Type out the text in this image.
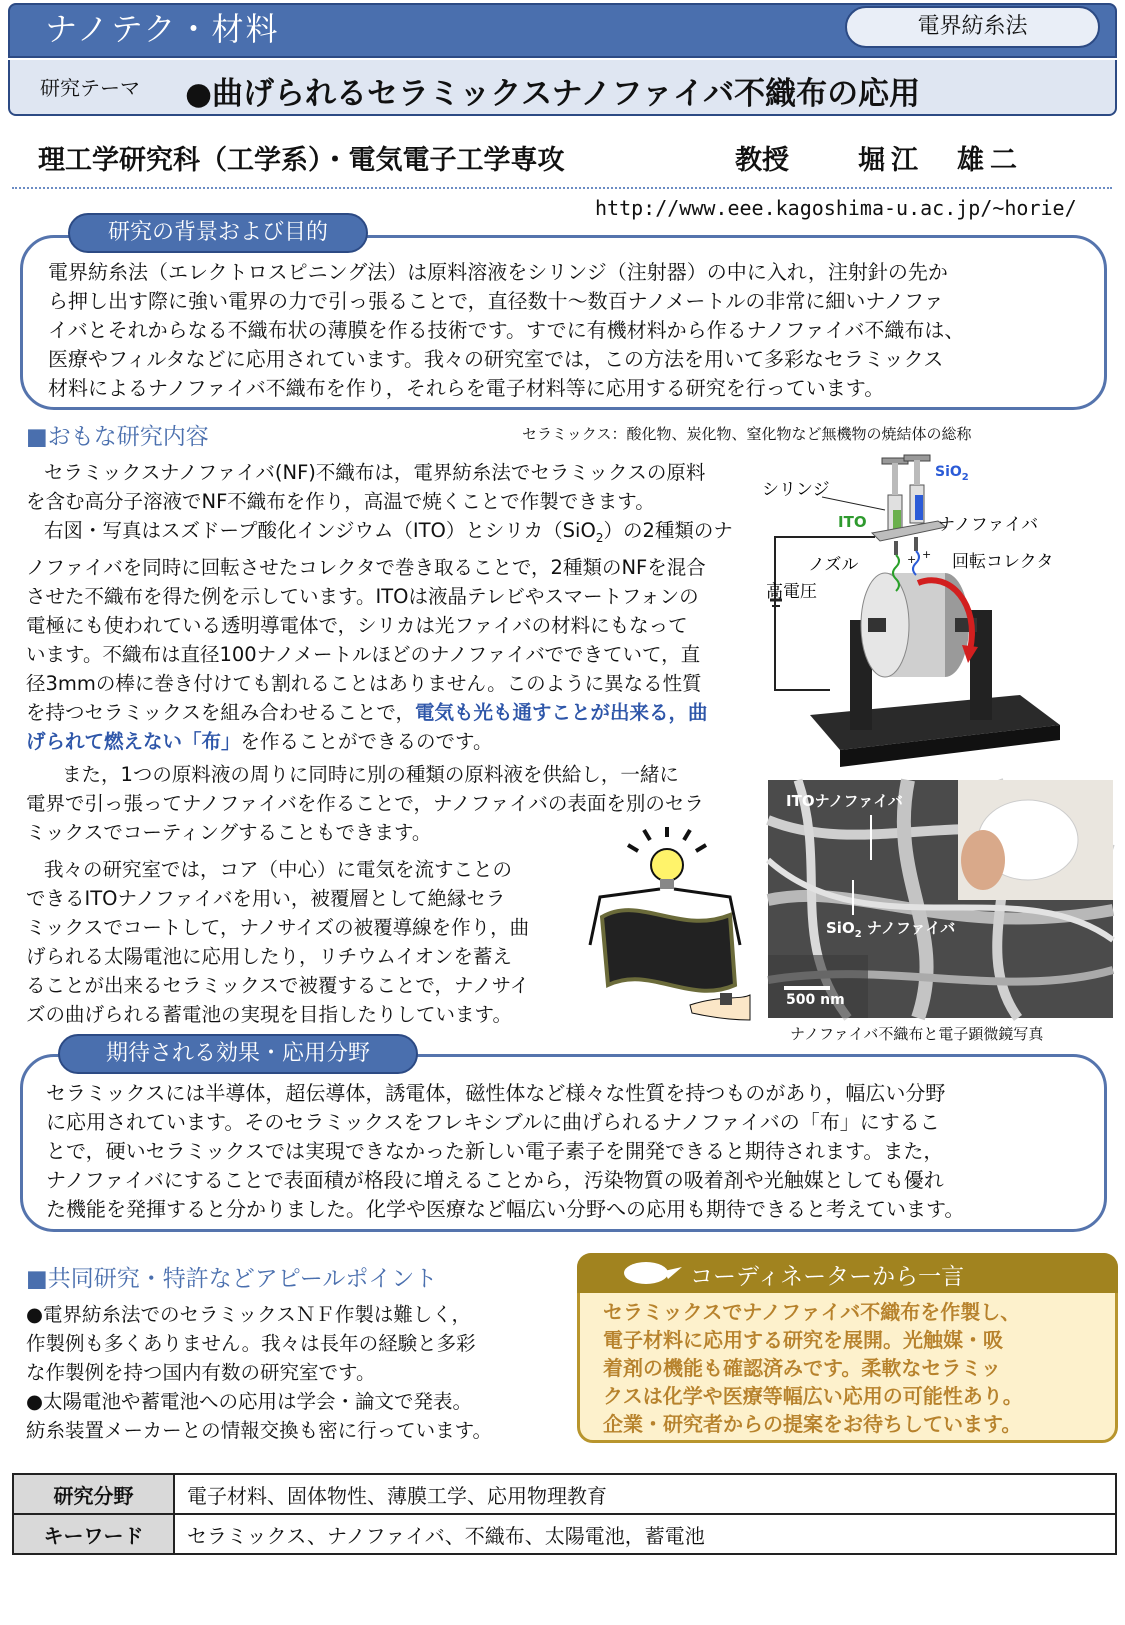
ナノテク・材料	電界紡糸法
研究テーマ ●曲げられるセラミックスナノファイバ不織布の応用
理工学研究科（工学系）・電気電子工学専攻	教授	堀江　雄二
http://www.eee.kagoshima-u.ac.jp/~horie/
研究の背景および目的
電界紡糸法（エレクトロスピニング法）は原料溶液をシリンジ（注射器）の中に入れ，注射針の先か
ら押し出す際に強い電界の力で引っ張ることで，直径数十〜数百ナノメートルの非常に細いナノファ
イバとそれからなる不織布状の薄膜を作る技術です。すでに有機材料から作るナノファイバ不織布は、
医療やフィルタなどに応用されています。我々の研究室では，この方法を用いて多彩なセラミックス
材料によるナノファイバ不織布を作り，それらを電子材料等に応用する研究を行っています。
■おもな研究内容	セラミックス：酸化物、炭化物、窒化物など無機物の焼結体の総称
セラミックスナノファイバ(NF)不織布は，電界紡糸法でセラミックスの原料
を含む高分子溶液でNF不織布を作り，高温で焼くことで作製できます。
右図・写真はスズドープ酸化インジウム（ITO）とシリカ（SiO$_2$）の2種類のナ
ノファイバを同時に回転させたコレクタで巻き取ることで，2種類のNFを混合
させた不織布を得た例を示しています。ITOは液晶テレビやスマートフォンの
電極にも使われている透明導電体で，シリカは光ファイバの材料にもなって
います。不織布は直径100ナノメートルほどのナノファイバでできていて，直
径3mmの棒に巻き付けても割れることはありません。このように異なる性質
を持つセラミックスを組み合わせることで，電気も光も通すことが出来る，曲
げられて燃えない「布」を作ることができるのです。
また，1つの原料液の周りに同時に別の種類の原料液を供給し，一緒に
電界で引っ張ってナノファイバを作ることで，ナノファイバの表面を別のセラ
ミックスでコーティングすることもできます。
我々の研究室では，コア（中心）に電気を流すことの
できるITOナノファイバを用い，被覆層として絶縁セラ
ミックスでコートして，ナノサイズの被覆導線を作り，曲
げられる太陽電池に応用したり，リチウムイオンを蓄え
ることが出来るセラミックスで被覆することで，ナノサイ
ズの曲げられる蓄電池の実現を目指したりしています。
シリンジ
ITO
SiO$_2$
ナノファイバ
ノズル	回転コレクタ
高電圧
+ +
ITOナノファイバ
SiO$_2$ ナノファイバ
500 nm
ナノファイバ不織布と電子顕微鏡写真
期待される効果・応用分野
セラミックスには半導体，超伝導体，誘電体，磁性体など様々な性質を持つものがあり，幅広い分野
に応用されています。そのセラミックスをフレキシブルに曲げられるナノファイバの「布」にするこ
とで，硬いセラミックスでは実現できなかった新しい電子素子を開発できると期待されます。また，
ナノファイバにすることで表面積が格段に増えることから，汚染物質の吸着剤や光触媒としても優れ
た機能を発揮すると分かりました。化学や医療など幅広い分野への応用も期待できると考えています。
■共同研究・特許などアピールポイント
●電界紡糸法でのセラミックスＮＦ作製は難しく，
作製例も多くありません。我々は長年の経験と多彩
な作製例を持つ国内有数の研究室です。
●太陽電池や蓄電池への応用は学会・論文で発表。
紡糸装置メーカーとの情報交換も密に行っています。
コーディネーターから一言
セラミックスでナノファイバ不織布を作製し、
電子材料に応用する研究を展開。光触媒・吸
着剤の機能も確認済みです。柔軟なセラミッ
クスは化学や医療等幅広い応用の可能性あり。
企業・研究者からの提案をお待ちしています。
研究分野	電子材料、固体物性、薄膜工学、応用物理教育
キーワード	セラミックス、ナノファイバ、不織布、太陽電池，蓄電池
